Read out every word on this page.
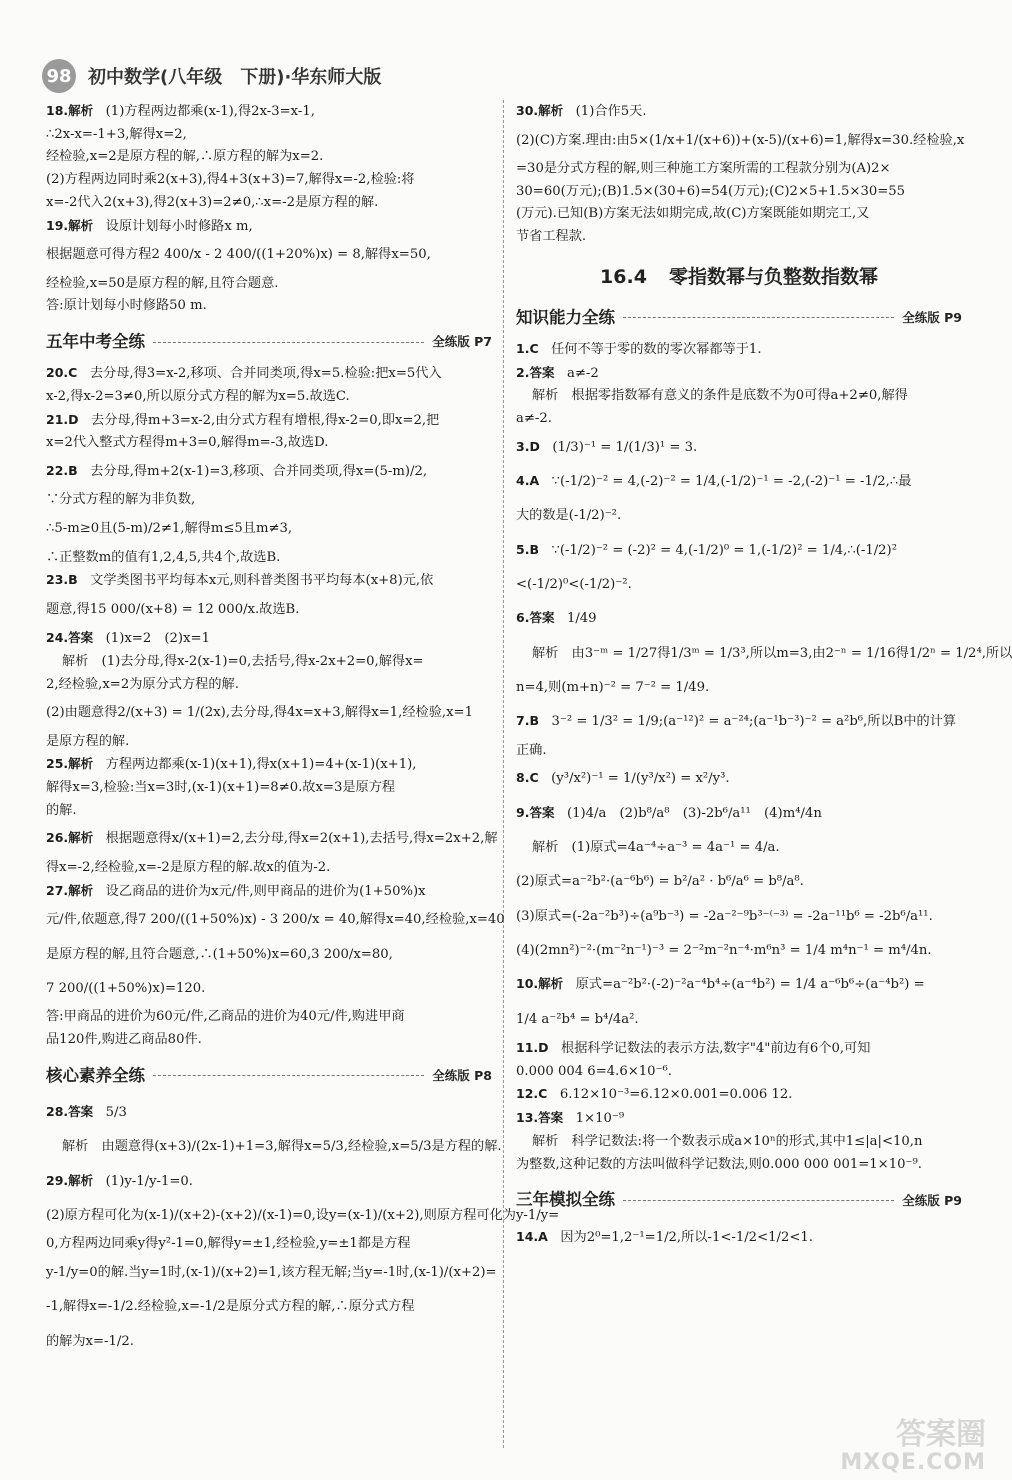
98 初中数学(八年级　下册)·华东师大版
18.解析　(1)方程两边都乘(x-1),得2x-3=x-1,
∴2x-x=-1+3,解得x=2,
经检验,x=2是原方程的解,∴原方程的解为x=2.
(2)方程两边同时乘2(x+3),得4+3(x+3)=7,解得x=-2,检验:将
x=-2代入2(x+3),得2(x+3)=2≠0,∴x=-2是原方程的解.
19.解析　设原计划每小时修路x m,
根据题意可得方程2 400/x - 2 400/((1+20%)x) = 8,解得x=50,
经检验,x=50是原方程的解,且符合题意.
答:原计划每小时修路50 m.
五年中考全练	全练版 P7
20.C　去分母,得3=x-2,移项、合并同类项,得x=5.检验:把x=5代入
x-2,得x-2=3≠0,所以原分式方程的解为x=5.故选C.
21.D　去分母,得m+3=x-2,由分式方程有增根,得x-2=0,即x=2,把
x=2代入整式方程得m+3=0,解得m=-3,故选D.
22.B　去分母,得m+2(x-1)=3,移项、合并同类项,得x=(5-m)/2,
∵分式方程的解为非负数,
∴5-m≥0且(5-m)/2≠1,解得m≤5且m≠3,
∴正整数m的值有1,2,4,5,共4个,故选B.
23.B　文学类图书平均每本x元,则科普类图书平均每本(x+8)元,依
题意,得15 000/(x+8) = 12 000/x.故选B.
24.答案　(1)x=2　(2)x=1
解析　(1)去分母,得x-2(x-1)=0,去括号,得x-2x+2=0,解得x=
2,经检验,x=2为原分式方程的解.
(2)由题意得2/(x+3) = 1/(2x),去分母,得4x=x+3,解得x=1,经检验,x=1
是原方程的解.
25.解析　方程两边都乘(x-1)(x+1),得x(x+1)=4+(x-1)(x+1),
解得x=3,检验:当x=3时,(x-1)(x+1)=8≠0.故x=3是原方程
的解.
26.解析　根据题意得x/(x+1)=2,去分母,得x=2(x+1),去括号,得x=2x+2,解
得x=-2,经检验,x=-2是原方程的解.故x的值为-2.
27.解析　设乙商品的进价为x元/件,则甲商品的进价为(1+50%)x
元/件,依题意,得7 200/((1+50%)x) - 3 200/x = 40,解得x=40,经检验,x=40
是原方程的解,且符合题意,∴(1+50%)x=60,3 200/x=80,
7 200/((1+50%)x)=120.
答:甲商品的进价为60元/件,乙商品的进价为40元/件,购进甲商
品120件,购进乙商品80件.
核心素养全练	全练版 P8
28.答案　5/3
解析　由题意得(x+3)/(2x-1)+1=3,解得x=5/3,经检验,x=5/3是方程的解.
29.解析　(1)y-1/y-1=0.
(2)原方程可化为(x-1)/(x+2)-(x+2)/(x-1)=0,设y=(x-1)/(x+2),则原方程可化为y-1/y=
0,方程两边同乘y得y²-1=0,解得y=±1,经检验,y=±1都是方程
y-1/y=0的解.当y=1时,(x-1)/(x+2)=1,该方程无解;当y=-1时,(x-1)/(x+2)=
-1,解得x=-1/2.经检验,x=-1/2是原分式方程的解,∴原分式方程
的解为x=-1/2.
30.解析　(1)合作5天.
(2)(C)方案.理由:由5×(1/x+1/(x+6))+(x-5)/(x+6)=1,解得x=30.经检验,x
=30是分式方程的解,则三种施工方案所需的工程款分别为(A)2×
30=60(万元);(B)1.5×(30+6)=54(万元);(C)2×5+1.5×30=55
(万元).已知(B)方案无法如期完成,故(C)方案既能如期完工,又
节省工程款.
16.4 零指数幂与负整数指数幂
知识能力全练	全练版 P9
1.C　任何不等于零的数的零次幂都等于1.
2.答案　a≠-2
解析　根据零指数幂有意义的条件是底数不为0可得a+2≠0,解得
a≠-2.
3.D　(1/3)⁻¹ = 1/(1/3)¹ = 3.
4.A　∵(-1/2)⁻² = 4,(-2)⁻² = 1/4,(-1/2)⁻¹ = -2,(-2)⁻¹ = -1/2,∴最
大的数是(-1/2)⁻².
5.B　∵(-1/2)⁻² = (-2)² = 4,(-1/2)⁰ = 1,(-1/2)² = 1/4,∴(-1/2)²
<(-1/2)⁰<(-1/2)⁻².
6.答案　1/49
解析　由3⁻ᵐ = 1/27得1/3ᵐ = 1/3³,所以m=3,由2⁻ⁿ = 1/16得1/2ⁿ = 1/2⁴,所以
n=4,则(m+n)⁻² = 7⁻² = 1/49.
7.B　3⁻² = 1/3² = 1/9;(a⁻¹²)² = a⁻²⁴;(a⁻¹b⁻³)⁻² = a²b⁶,所以B中的计算
正确.
8.C　(y³/x²)⁻¹ = 1/(y³/x²) = x²/y³.
9.答案　(1)4/a　(2)b⁸/a⁸　(3)-2b⁶/a¹¹　(4)m⁴/4n
解析　(1)原式=4a⁻⁴÷a⁻³ = 4a⁻¹ = 4/a.
(2)原式=a⁻²b²·(a⁻⁶b⁶) = b²/a² · b⁶/a⁶ = b⁸/a⁸.
(3)原式=(-2a⁻²b³)÷(a⁹b⁻³) = -2a⁻²⁻⁹b³⁻⁽⁻³⁾ = -2a⁻¹¹b⁶ = -2b⁶/a¹¹.
(4)(2mn²)⁻²·(m⁻²n⁻¹)⁻³ = 2⁻²m⁻²n⁻⁴·m⁶n³ = 1/4 m⁴n⁻¹ = m⁴/4n.
10.解析　原式=a⁻²b²·(-2)⁻²a⁻⁴b⁴÷(a⁻⁴b²) = 1/4 a⁻⁶b⁶÷(a⁻⁴b²) =
1/4 a⁻²b⁴ = b⁴/4a².
11.D　根据科学记数法的表示方法,数字"4"前边有6个0,可知
0.000 004 6=4.6×10⁻⁶.
12.C　6.12×10⁻³=6.12×0.001=0.006 12.
13.答案　1×10⁻⁹
解析　科学记数法:将一个数表示成a×10ⁿ的形式,其中1≤|a|<10,n
为整数,这种记数的方法叫做科学记数法,则0.000 000 001=1×10⁻⁹.
三年模拟全练	全练版 P9
14.A　因为2⁰=1,2⁻¹=1/2,所以-1<-1/2<1/2<1.
答案圈
MXQE.COM
